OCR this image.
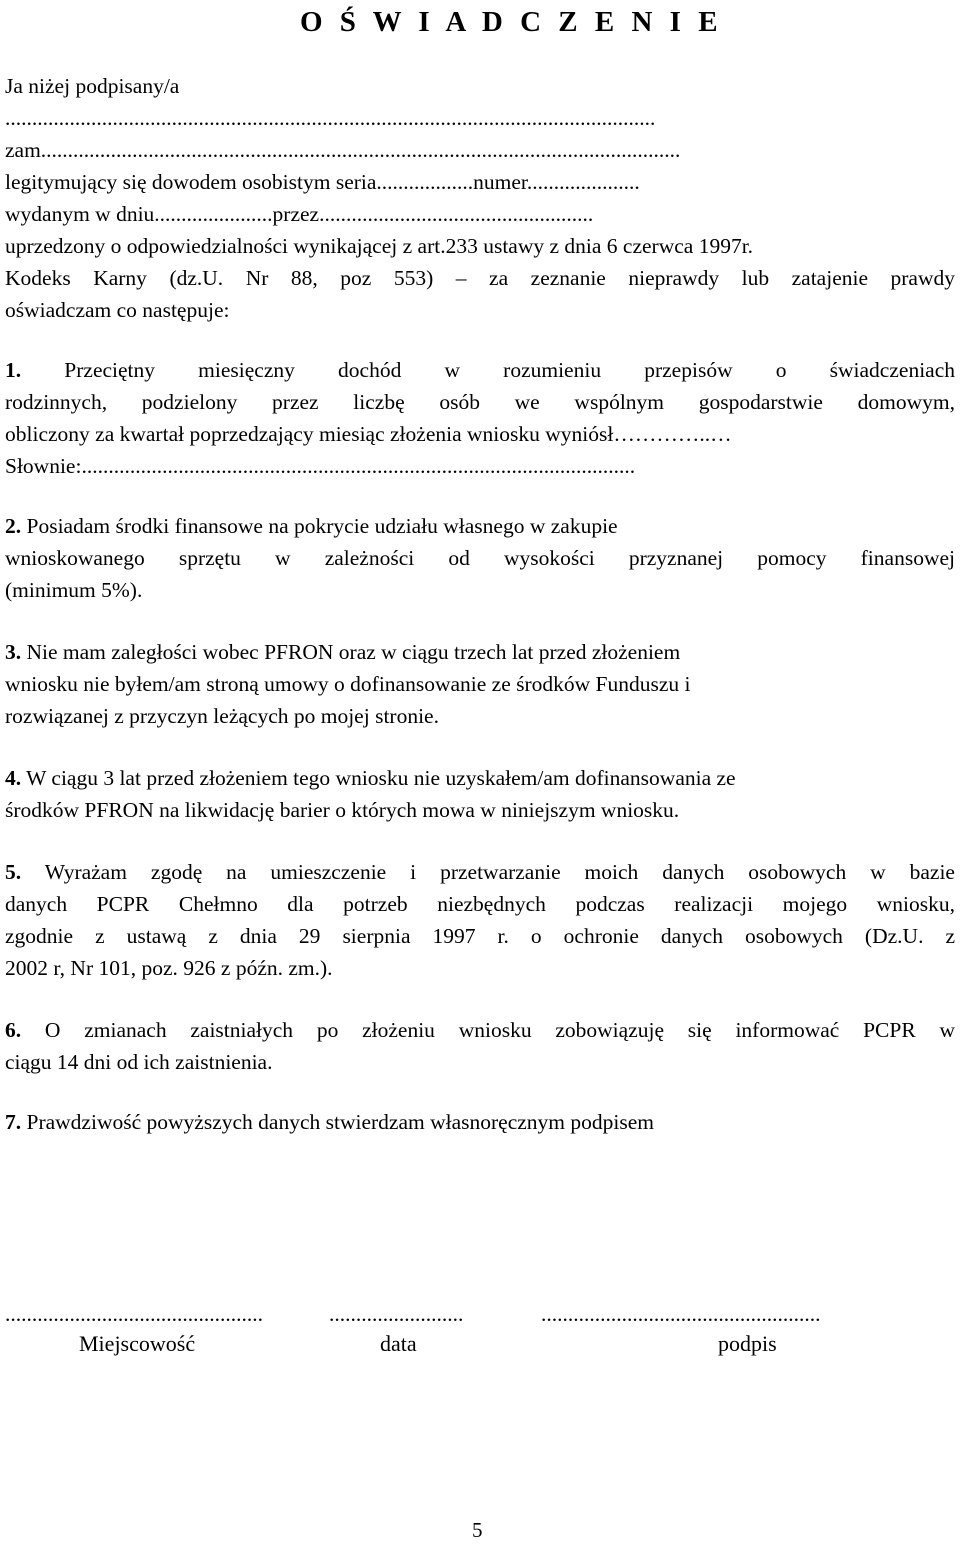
O Ś W I A D C Z E N I E
Ja niżej podpisany/a
.........................................................................................................................
zam.......................................................................................................................
legitymujący się dowodem osobistym seria..................numer.....................
wydanym w dniu......................przez...................................................
uprzedzony o odpowiedzialności wynikającej z art.233 ustawy z dnia 6 czerwca 1997r.
Kodeks Karny (dz.U. Nr 88, poz 553) – za zeznanie nieprawdy lub zatajenie prawdy
oświadczam co następuje:
1. Przeciętny miesięczny dochód w rozumieniu przepisów o świadczeniach
rodzinnych, podzielony przez liczbę osób we wspólnym gospodarstwie domowym,
obliczony za kwartał poprzedzający miesiąc złożenia wniosku wyniósł…………..…
Słownie:.......................................................................................................
2. Posiadam środki finansowe na pokrycie udziału własnego w zakupie
wnioskowanego sprzętu w zależności od wysokości przyznanej pomocy finansowej
(minimum 5%).
3. Nie mam zaległości wobec PFRON oraz w ciągu trzech lat przed złożeniem
wniosku nie byłem/am stroną umowy o dofinansowanie ze środków Funduszu i
rozwiązanej z przyczyn leżących po mojej stronie.
4. W ciągu 3 lat przed złożeniem tego wniosku nie uzyskałem/am dofinansowania ze
środków PFRON na likwidację barier o których mowa w niniejszym wniosku.
5. Wyrażam zgodę na umieszczenie i przetwarzanie moich danych osobowych w bazie
danych PCPR Chełmno dla potrzeb niezbędnych podczas realizacji mojego wniosku,
zgodnie z ustawą z dnia 29 sierpnia 1997 r. o ochronie danych osobowych (Dz.U. z
2002 r, Nr 101, poz. 926 z późn. zm.).
6. O zmianach zaistniałych po złożeniu wniosku zobowiązuję się informować PCPR w
ciągu 14 dni od ich zaistnienia.
7. Prawdziwość powyższych danych stwierdzam własnoręcznym podpisem
................................................	.........................	....................................................
Miejscowość	data	podpis
5
